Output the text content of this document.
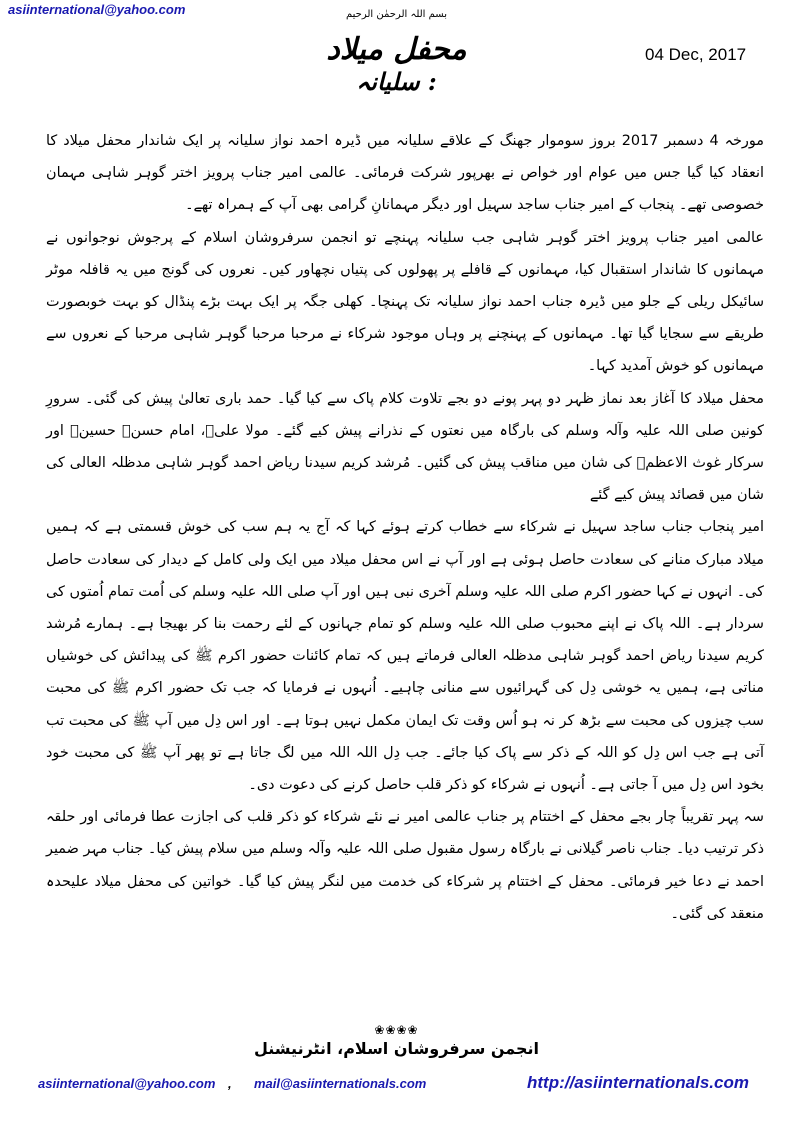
asiinternational@yahoo.com	بسم اللہ الرحمٰن الرحیم
04 Dec, 2017
محفل میلاد
: سلیانہ

مورخہ 4 دسمبر 2017 بروز سوموار جھنگ کے علاقے سلیانہ میں ڈیرہ احمد نواز سلیانہ پر ایک شاندار محفل میلاد کا انعقاد کیا گیا جس میں عوام اور خواص نے بھرپور شرکت فرمائی۔ عالمی امیر جناب پرویز اختر گوہر شاہی مہمان خصوصی تھے۔ پنجاب کے امیر جناب ساجد سہیل اور دیگر مہمانانِ گرامی بھی آپ کے ہمراہ تھے۔

عالمی امیر جناب پرویز اختر گوہر شاہی جب سلیانہ پہنچے تو انجمن سرفروشان اسلام کے پرجوش نوجوانوں نے مہمانوں کا شاندار استقبال کیا، مہمانوں کے قافلے پر پھولوں کی پتیاں نچھاور کیں۔ نعروں کی گونج میں یہ قافلہ موٹر سائیکل ریلی کے جلو میں ڈیرہ جناب احمد نواز سلیانہ تک پہنچا۔ کھلی جگہ پر ایک بہت بڑے پنڈال کو بہت خوبصورت طریقے سے سجایا گیا تھا۔ مہمانوں کے پہنچنے پر وہاں موجود شرکاء نے مرحبا مرحبا گوہر شاہی مرحبا کے نعروں سے مہمانوں کو خوش آمدید کہا۔

محفل میلاد کا آغاز بعد نماز ظہر دو پہر پونے دو بجے تلاوت کلام پاک سے کیا گیا۔ حمد باری تعالیٰ پیش کی گئی۔ سرورِ کونین صلی اللہ علیہ وآلہ وسلم کی بارگاہ میں نعتوں کے نذرانے پیش کیے گئے۔ مولا علیؑ، امام حسنؑ حسینؑ اور سرکار غوث الاعظمؒ کی شان میں مناقب پیش کی گئیں۔ مُرشد کریم سیدنا ریاض احمد گوہر شاہی مدظلہ العالی کی شان میں قصائد پیش کیے گئے

امیر پنجاب جناب ساجد سہیل نے شرکاء سے خطاب کرتے ہوئے کہا کہ آج یہ ہم سب کی خوش قسمتی ہے کہ ہمیں میلاد مبارک منانے کی سعادت حاصل ہوئی ہے اور آپ نے اس محفل میلاد میں ایک ولی کامل کے دیدار کی سعادت حاصل کی۔ انہوں نے کہا حضور اکرم صلی اللہ علیہ وسلم آخری نبی ہیں اور آپ صلی اللہ علیہ وسلم کی اُمت تمام اُمتوں کی سردار ہے۔ اللہ پاک نے اپنے محبوب صلی اللہ علیہ وسلم کو تمام جہانوں کے لئے رحمت بنا کر بھیجا ہے۔ ہمارے مُرشد کریم سیدنا ریاض احمد گوہر شاہی مدظلہ العالی فرماتے ہیں کہ تمام کائنات حضور اکرم ﷺ کی پیدائش کی خوشیاں مناتی ہے، ہمیں یہ خوشی دِل کی گہرائیوں سے منانی چاہیے۔ اُنہوں نے فرمایا کہ جب تک حضور اکرم ﷺ کی محبت سب چیزوں کی محبت سے بڑھ کر نہ ہو اُس وقت تک ایمان مکمل نہیں ہوتا ہے۔ اور اس دِل میں آپ ﷺ کی محبت تب آتی ہے جب اس دِل کو اللہ کے ذکر سے پاک کیا جائے۔ جب دِل اللہ اللہ میں لگ جاتا ہے تو پھر آپ ﷺ کی محبت خود بخود اس دِل میں آ جاتی ہے۔ اُنہوں نے شرکاء کو ذکر قلب حاصل کرنے کی دعوت دی۔

سہ پہر تقریباً چار بجے محفل کے اختتام پر جناب عالمی امیر نے نئے شرکاء کو ذکر قلب کی اجازت عطا فرمائی اور حلقہ ذکر ترتیب دیا۔ جناب ناصر گیلانی نے بارگاہ رسول مقبول صلی اللہ علیہ وآلہ وسلم میں سلام پیش کیا۔ جناب مہر ضمیر احمد نے دعا خیر فرمائی۔ محفل کے اختتام پر شرکاء کی خدمت میں لنگر پیش کیا گیا۔ خواتین کی محفل میلاد علیحدہ منعقد کی گئی۔

❀❀❀❀
انجمن سرفروشان اسلام، انٹرنیشنل
asiinternational@yahoo.com , mail@asiinternationals.com	http://asiinternationals.com
